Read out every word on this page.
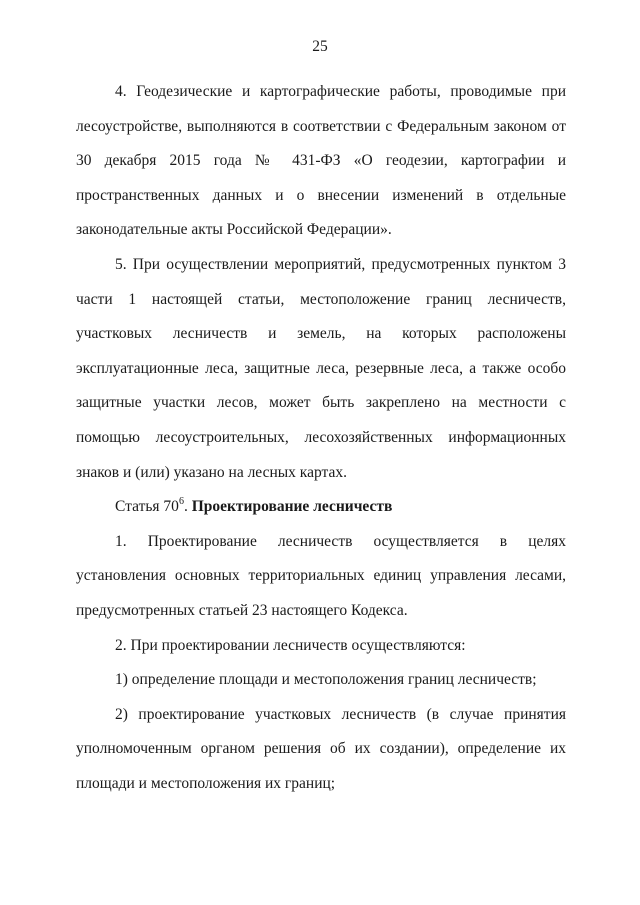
25

4. Геодезические и картографические работы, проводимые при лесоустройстве, выполняются в соответствии с Федеральным законом от 30 декабря 2015 года № 431-ФЗ «О геодезии, картографии и пространственных данных и о внесении изменений в отдельные законодательные акты Российской Федерации».

5. При осуществлении мероприятий, предусмотренных пунктом 3 части 1 настоящей статьи, местоположение границ лесничеств, участковых лесничеств и земель, на которых расположены эксплуатационные леса, защитные леса, резервные леса, а также особо защитные участки лесов, может быть закреплено на местности с помощью лесоустроительных, лесохозяйственных информационных знаков и (или) указано на лесных картах.

Статья $70^6$. Проектирование лесничеств

1. Проектирование лесничеств осуществляется в целях установления основных территориальных единиц управления лесами, предусмотренных статьей 23 настоящего Кодекса.

2. При проектировании лесничеств осуществляются:

1) определение площади и местоположения границ лесничеств;

2) проектирование участковых лесничеств (в случае принятия уполномоченным органом решения об их создании), определение их площади и местоположения их границ;
